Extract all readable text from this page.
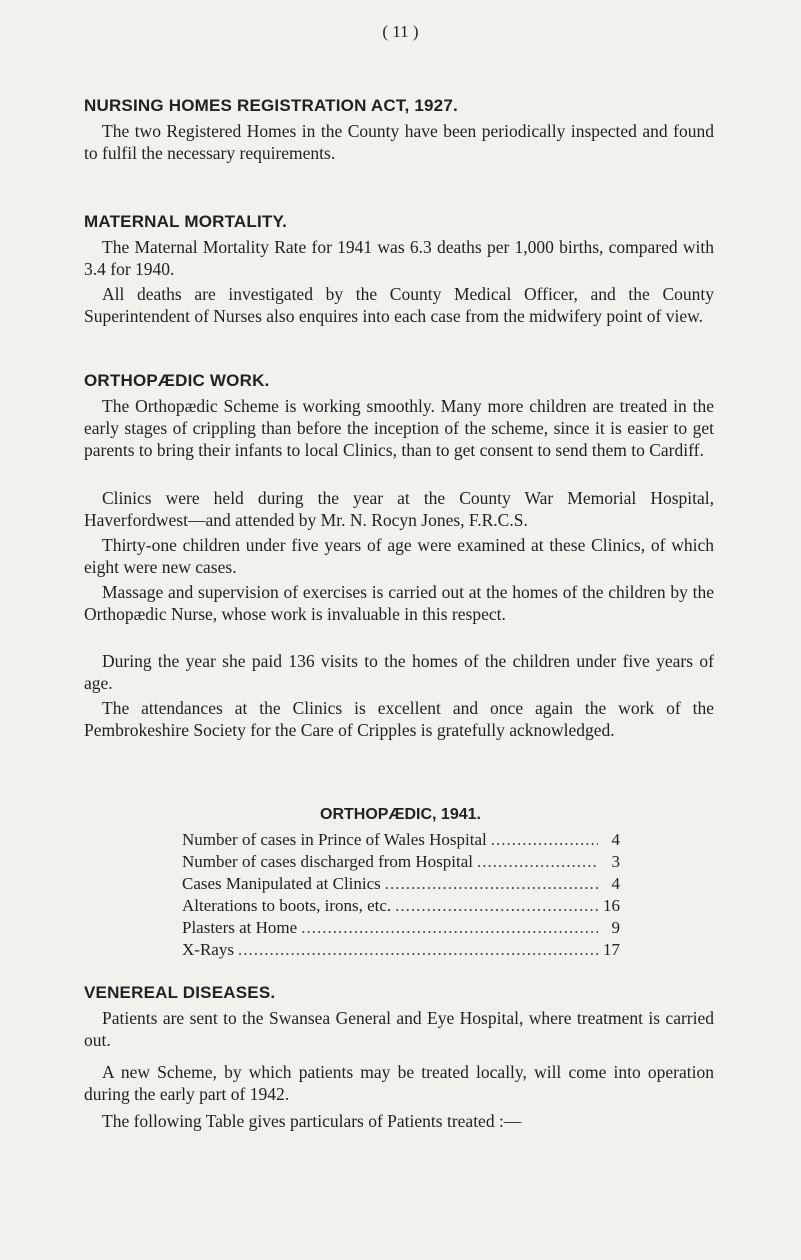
( 11 )
NURSING HOMES REGISTRATION ACT, 1927.

The two Registered Homes in the County have been periodically inspected and found to fulfil the necessary requirements.

MATERNAL MORTALITY.

The Maternal Mortality Rate for 1941 was 6.3 deaths per 1,000 births, compared with 3.4 for 1940.

All deaths are investigated by the County Medical Officer, and the County Superintendent of Nurses also enquires into each case from the midwifery point of view.

ORTHOPÆDIC WORK.

The Orthopædic Scheme is working smoothly. Many more children are treated in the early stages of crippling than before the inception of the scheme, since it is easier to get parents to bring their infants to local Clinics, than to get consent to send them to Cardiff.

Clinics were held during the year at the County War Memorial Hospital, Haverfordwest—and attended by Mr. N. Rocyn Jones, F.R.C.S.

Thirty-one children under five years of age were examined at these Clinics, of which eight were new cases.

Massage and supervision of exercises is carried out at the homes of the children by the Orthopædic Nurse, whose work is invaluable in this respect.

During the year she paid 136 visits to the homes of the children under five years of age.

The attendances at the Clinics is excellent and once again the work of the Pembrokeshire Society for the Care of Cripples is gratefully acknowledged.

ORTHOPÆDIC, 1941.
Number of cases in Prince of Wales Hospital .....	4
Number of cases discharged from Hospital .....	3
Cases Manipulated at Clinics .....	4
Alterations to boots, irons, etc. .....	16
Plasters at Home .....	9
X-Rays .....	17
VENEREAL DISEASES.

Patients are sent to the Swansea General and Eye Hospital, where treatment is carried out.

A new Scheme, by which patients may be treated locally, will come into operation during the early part of 1942.

The following Table gives particulars of Patients treated :—
